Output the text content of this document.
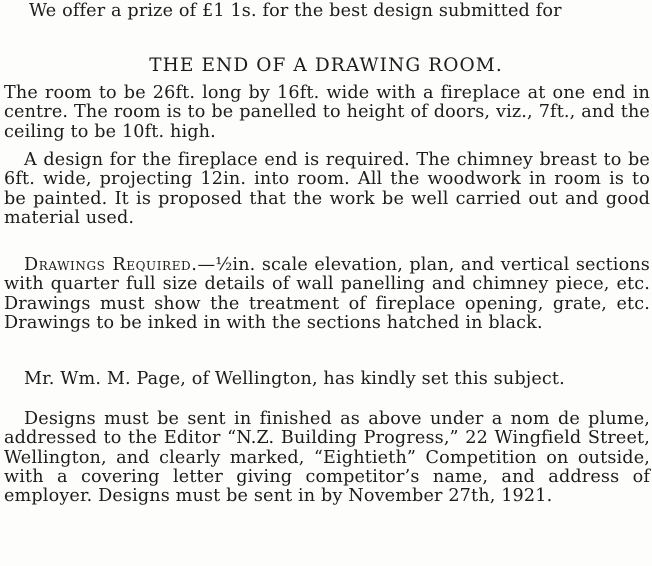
We offer a prize of £1 1s. for the best design submitted for

THE END OF A DRAWING ROOM.

The room to be 26ft. long by 16ft. wide with a fireplace at one end in centre. The room is to be panelled to height of doors, viz., 7ft., and the ceiling to be 10ft. high.

A design for the fireplace end is required. The chimney breast to be 6ft. wide, projecting 12in. into room. All the woodwork in room is to be painted. It is proposed that the work be well carried out and good material used.

Drawings Required.—½in. scale elevation, plan, and vertical sections with quarter full size details of wall panelling and chimney piece, etc. Drawings must show the treatment of fireplace opening, grate, etc. Drawings to be inked in with the sections hatched in black.

Mr. Wm. M. Page, of Wellington, has kindly set this subject.

Designs must be sent in finished as above under a nom de plume, addressed to the Editor “N.Z. Building Progress,” 22 Wingfield Street, Wellington, and clearly marked, “Eightieth” Competition on outside, with a covering letter giving competitor’s name, and address of employer. Designs must be sent in by November 27th, 1921.
